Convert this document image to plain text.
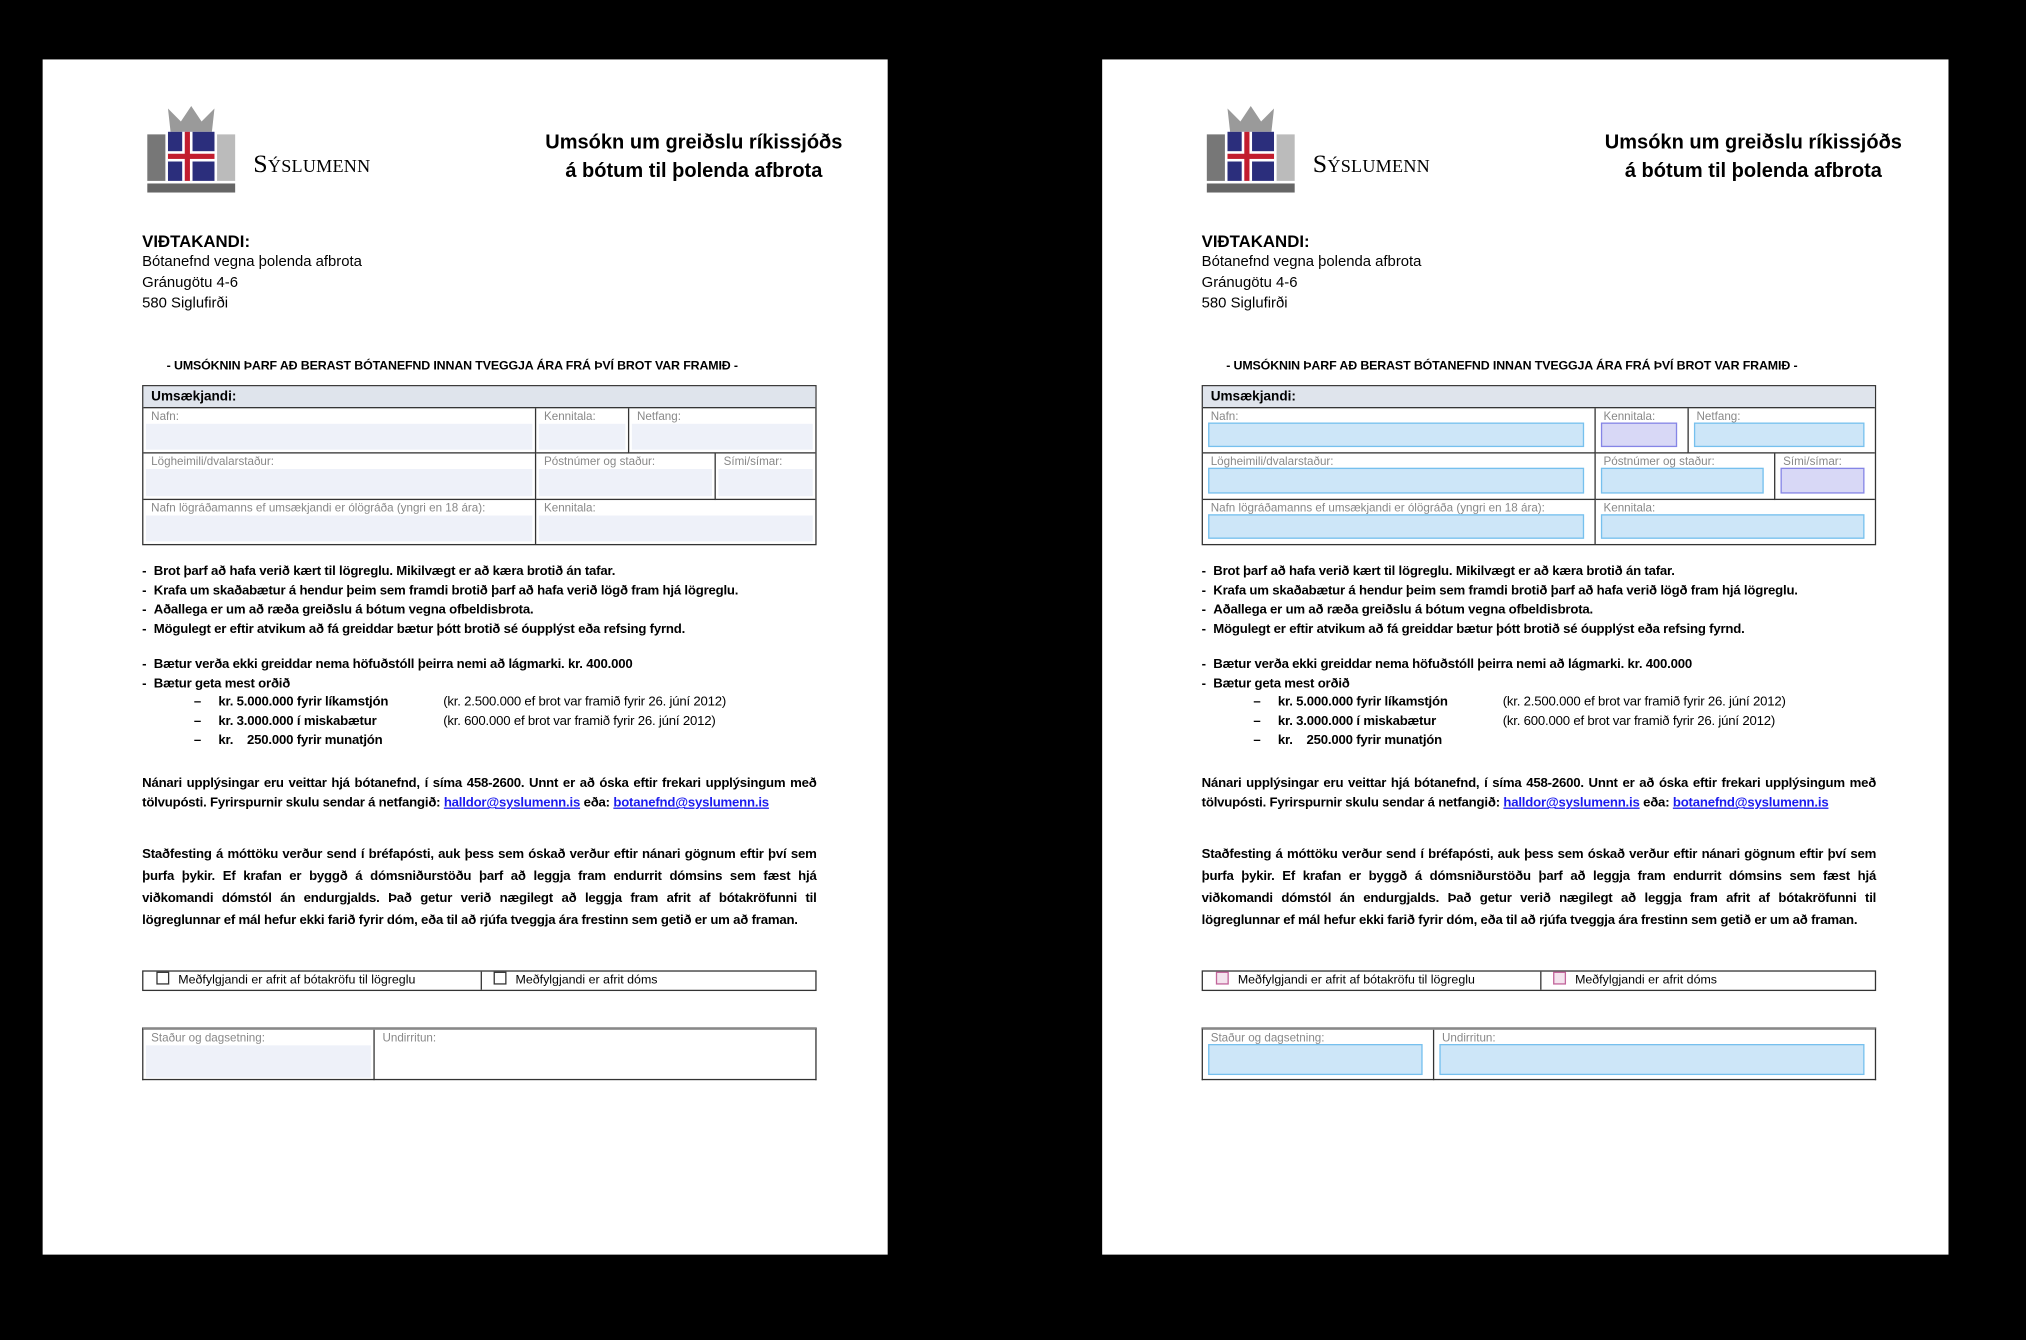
Sýslumenn
Umsókn um greiðslu ríkissjóðs
á bótum til þolenda afbrota
VIÐTAKANDI:
Bótanefnd vegna þolenda afbrota
Gránugötu 4-6
580 Siglufirði
- UMSÓKNIN ÞARF AÐ BERAST BÓTANEFND INNAN TVEGGJA ÁRA FRÁ ÞVÍ BROT VAR FRAMIÐ -
Umsækjandi:
Nafn:	Kennitala:	Netfang:
Lögheimili/dvalarstaður:	Póstnúmer og staður:	Sími/símar:
Nafn lögráðamanns ef umsækjandi er ólögráða (yngri en 18 ára):	Kennitala:
- Brot þarf að hafa verið kært til lögreglu. Mikilvægt er að kæra brotið án tafar.
- Krafa um skaðabætur á hendur þeim sem framdi brotið þarf að hafa verið lögð fram hjá lögreglu.
- Aðallega er um að ræða greiðslu á bótum vegna ofbeldisbrota.
- Mögulegt er eftir atvikum að fá greiddar bætur þótt brotið sé óupplýst eða refsing fyrnd.
- Bætur verða ekki greiddar nema höfuðstóll þeirra nemi að lágmarki. kr. 400.000
- Bætur geta mest orðið
– kr. 5.000.000 fyrir líkamstjón	(kr. 2.500.000 ef brot var framið fyrir 26. júní 2012)
– kr. 3.000.000 í miskabætur	(kr. 600.000 ef brot var framið fyrir 26. júní 2012)
– kr.    250.000 fyrir munatjón
Nánari upplýsingar eru veittar hjá bótanefnd, í síma 458-2600. Unnt er að óska eftir frekari upplýsingum með tölvupósti. Fyrirspurnir skulu sendar á netfangið: halldor@syslumenn.is eða: botanefnd@syslumenn.is
Staðfesting á móttöku verður send í bréfapósti, auk þess sem óskað verður eftir nánari gögnum eftir því sem þurfa þykir. Ef krafan er byggð á dómsniðurstöðu þarf að leggja fram endurrit dómsins sem fæst hjá viðkomandi dómstól án endurgjalds. Það getur verið nægilegt að leggja fram afrit af bótakröfunni til lögreglunnar ef mál hefur ekki farið fyrir dóm, eða til að rjúfa tveggja ára frestinn sem getið er um að framan.
Meðfylgjandi er afrit af bótakröfu til lögreglu	Meðfylgjandi er afrit dóms
Staður og dagsetning:	Undirritun:
Sýslumenn
Umsókn um greiðslu ríkissjóðs
á bótum til þolenda afbrota
VIÐTAKANDI:
Bótanefnd vegna þolenda afbrota
Gránugötu 4-6
580 Siglufirði
- UMSÓKNIN ÞARF AÐ BERAST BÓTANEFND INNAN TVEGGJA ÁRA FRÁ ÞVÍ BROT VAR FRAMIÐ -
Umsækjandi:
Nafn:	Kennitala:	Netfang:
Lögheimili/dvalarstaður:	Póstnúmer og staður:	Sími/símar:
Nafn lögráðamanns ef umsækjandi er ólögráða (yngri en 18 ára):	Kennitala:
- Brot þarf að hafa verið kært til lögreglu. Mikilvægt er að kæra brotið án tafar.
- Krafa um skaðabætur á hendur þeim sem framdi brotið þarf að hafa verið lögð fram hjá lögreglu.
- Aðallega er um að ræða greiðslu á bótum vegna ofbeldisbrota.
- Mögulegt er eftir atvikum að fá greiddar bætur þótt brotið sé óupplýst eða refsing fyrnd.
- Bætur verða ekki greiddar nema höfuðstóll þeirra nemi að lágmarki. kr. 400.000
- Bætur geta mest orðið
– kr. 5.000.000 fyrir líkamstjón	(kr. 2.500.000 ef brot var framið fyrir 26. júní 2012)
– kr. 3.000.000 í miskabætur	(kr. 600.000 ef brot var framið fyrir 26. júní 2012)
– kr.    250.000 fyrir munatjón
Nánari upplýsingar eru veittar hjá bótanefnd, í síma 458-2600. Unnt er að óska eftir frekari upplýsingum með tölvupósti. Fyrirspurnir skulu sendar á netfangið: halldor@syslumenn.is eða: botanefnd@syslumenn.is
Staðfesting á móttöku verður send í bréfapósti, auk þess sem óskað verður eftir nánari gögnum eftir því sem þurfa þykir. Ef krafan er byggð á dómsniðurstöðu þarf að leggja fram endurrit dómsins sem fæst hjá viðkomandi dómstól án endurgjalds. Það getur verið nægilegt að leggja fram afrit af bótakröfunni til lögreglunnar ef mál hefur ekki farið fyrir dóm, eða til að rjúfa tveggja ára frestinn sem getið er um að framan.
Meðfylgjandi er afrit af bótakröfu til lögreglu	Meðfylgjandi er afrit dóms
Staður og dagsetning:	Undirritun:
